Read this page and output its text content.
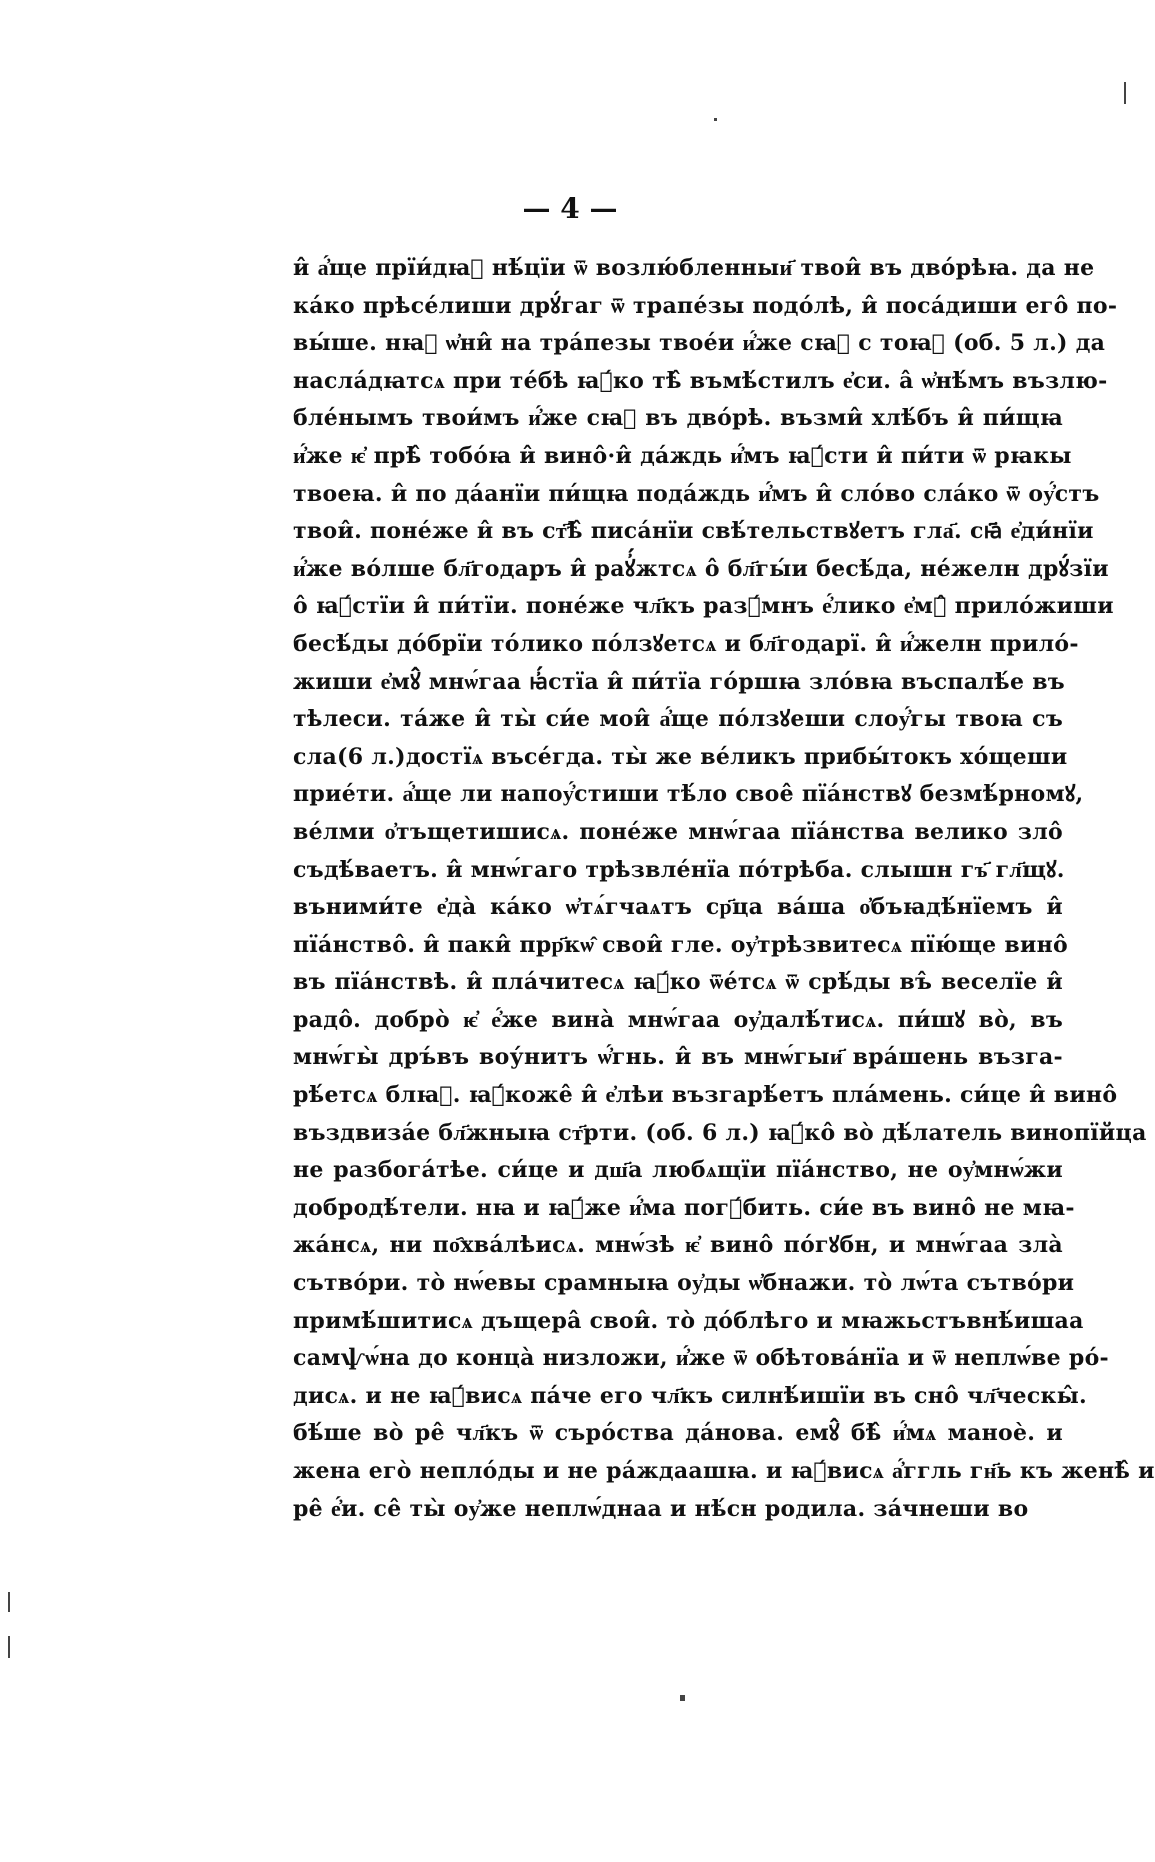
— 4 —
и̂ а҆́ще прїи́дꙗ҃ нѣ́цїи ѿ возлю́бленныи҃ твои̂ въ дво́рѣꙗ. да не
ка́ко прѣсе́лиши дрꙋ́гаг ѿ трапе́зы подо́лѣ, и̂ поса́диши его̂ по-
вы́ше. нꙗ҃ ѡ҆ни̂ на тра́пезы твое́и и҆́же сꙗ҃ с тоꙗ҃ (об. 5 л.) да
насла́дꙗтсѧ при те́бѣ ꙗ҆́ко тѣ̂ въмѣ́стилъ е҆си. а̂ ѡ҆нѣ́мъ възлю-
бле́нымъ твои́мъ и҆́же сꙗ҃ въ дво́рѣ. възми̂ хлѣ́бъ и̂ пи́щꙗ
и҆́же ѥ҆ прѣ̂ тобо́ꙗ и̂ вино̂·и̂ да́ждь и҆́мъ ꙗ҆́сти и̂ пи́ти ѿ рꙗкы
твоеꙗ. и̂ по да́анїи пи́щꙗ пода́ждь и҆́мъ и̂ сло́во сла́ко ѿ оу҆́стъ
твои̂. поне́же и̂ въ ст҃ѣ̂ писа́нїи свѣ́тельствꙋетъ гла҃. сꙗ҃ е҆ди́нїи
и҆́же во́лше бл҃годаръ и̂ раꙋ҆́жтсѧ о̂ бл҃гы́и бесѣ́да, не́желн дрꙋ́зїи
о̂ ꙗ҆́стїи и̂ пи́тїи. поне́же чл҃къ разꙋ́мнъ е҆́лико е҆мꙋ̂ прило́жиши
бесѣ́ды до́брїи то́лико по́лзꙋетсѧ и бл҃годарї. и̂ и҆́желн прило́-
жиши е҆мꙋ̂ мнѡ́гаа ꙗ҆́стїа и̂ пи́тїа го́ршꙗ зло́вꙗ въспалѣ́е въ
тѣлеси. та́же и̂ ты̀ си́е мои̂ а҆́ще по́лзꙋеши слоу҆́гы твоꙗ съ
сла(6 л.)достїѧ въсе́гда. ты̀ же ве́ликъ прибы́токъ хо́щеши
прие́ти. а҆́ще ли напоу҆́стиши тѣ́ло свое̂ пїа́нствꙋ безмѣ́рномꙋ,
ве́лми о҆тъщетишисѧ. поне́же мнѡ́гаа пїа́нства велико зло̂
съдѣ́ваетъ. и̂ мнѡ́гаго трѣзвле́нїа по́трѣба. слышн гъ҃ гл҃щꙋ.
въними́те е҆да̀ ка́ко ѡ҆тѧ́гчаѧтъ ср҃ца ва́ша о҆бъꙗдѣ́нїемъ и̂
пїа́нство̂. и̂ паки̂ прр҃кѡ̂ свои̂ гле. оу҆трѣзвитесѧ пїю́ще вино̂
въ пїа́нствѣ. и̂ пла́читесѧ ꙗ҆́ко ѿе́тсѧ ѿ срѣ́ды въ̂ веселїе и̂
радо̂. добро̀ ѥ҆ е҆́же вина̀ мнѡ́гаа оу҆далѣ́тисѧ. пи́шꙋ во̀, въ
мнѡ́гы̀ дръ́въ воу́нитъ ѡ҆́гнь. и̂ въ мнѡ́гыи҃ вра́шень възга-
рѣ́етсѧ блꙗ҃. ꙗ҆́коже̂ и̂ е҆лѣи възгарѣ́етъ пла́мень. си́це и̂ вино̂
въздвиза́е бл҃жныꙗ ст҃рти. (об. 6 л.) ꙗ҆́ко̂ во̀ дѣ́латель винопїйца
не разбога́тѣе. си́це и дш҃а любѧщїи пїа́нство, не оу҆мнѡ́жи
добродѣ́тели. нꙗ и ꙗ҆́же и҆́ма погꙋ́бить. си́е въ вино̂ не мꙗ-
жа́нсѧ, ни по҄хва́лѣисѧ. мнѡ́зѣ ѥ҆ вино̂ по́гꙋбн, и мнѡ́гаа зла̀
сътво́ри. то̀ нѡ́евы срамныꙗ оу҆ды ѡ҆бнажи. то̀ лѡ́та сътво́ри
примѣ́шитисѧ дъщера̂ свои̂. то̀ до́блѣго и мꙗжьстъвнѣ́ишаа
самѱѡ́на до конца̀ низложи, и҆́же ѿ обѣтова́нїа и ѿ неплѡ́ве ро́-
дисѧ. и не ꙗ҆́висѧ па́че его чл҃къ силнѣ́ишїи въ сно̂ чл҃ческы̂.
бѣ́ше во̀ ре̂ чл҃къ ѿ съро́ства да́нова. емꙋ̂ бѣ̂ и҆́мѧ маноѐ. и
жена его̀ непло́ды и не ра́ждаашꙗ. и ꙗ҆́висѧ а҆́ггль гн҃ь къ женѣ̂ и
ре̂ е҆́и. се̂ ты̀ оу҆же неплѡ́днаа и нѣ́сн родила. за́чнеши во
